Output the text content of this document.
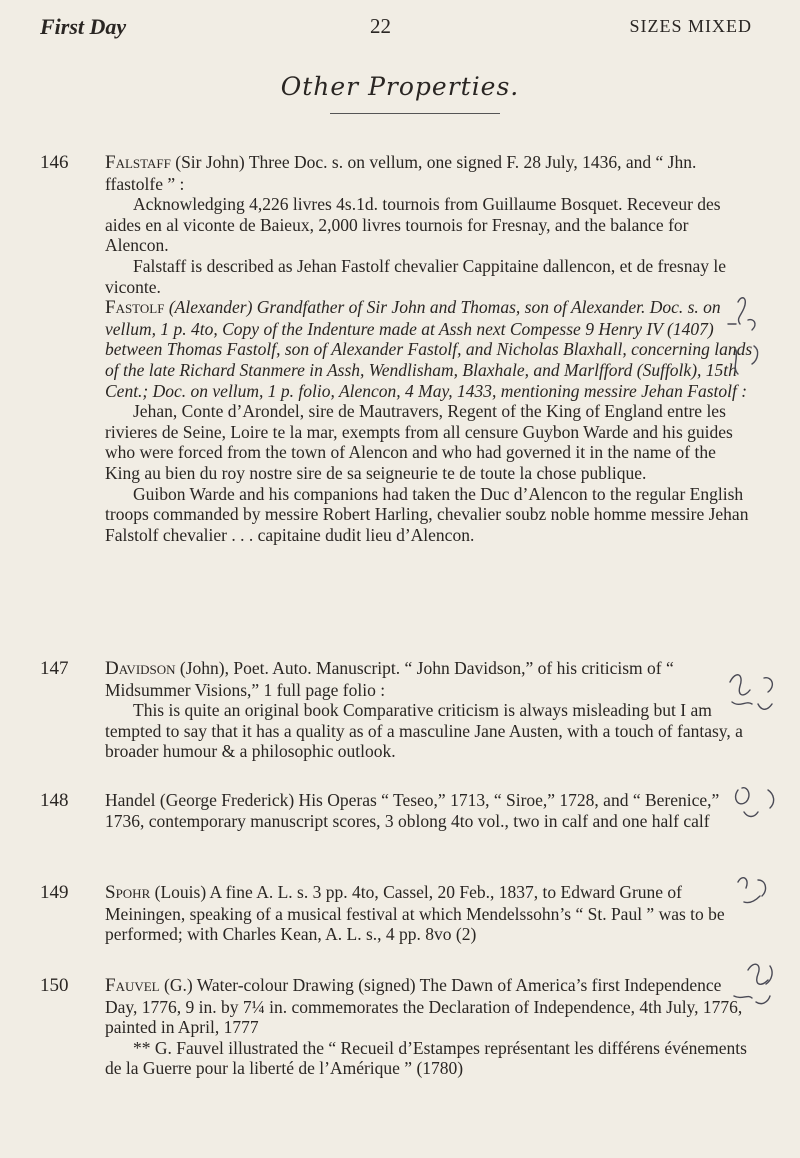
First Day	22	SIZES MIXED
Other Properties.
146 Falstaff (Sir John) Three Doc. s. on vellum, one signed F. 28 July, 1436, and “ Jhn. ffastolfe ” :

Acknowledging 4,226 livres 4s.1d. tournois from Guillaume Bosquet. Receveur des aides en al viconte de Baieux, 2,000 livres tournois for Fresnay, and the balance for Alencon.

Falstaff is described as Jehan Fastolf chevalier Cappitaine dallencon, et de fresnay le viconte.

Fastolf (Alexander) Grandfather of Sir John and Thomas, son of Alexander. Doc. s. on vellum, 1 p. 4to, Copy of the Indenture made at Assh next Compesse 9 Henry IV (1407) between Thomas Fastolf, son of Alexander Fastolf, and Nicholas Blaxhall, concerning lands of the late Richard Stanmere in Assh, Wendlisham, Blaxhale, and Marlfford (Suffolk), 15th Cent.; Doc. on vellum, 1 p. folio, Alencon, 4 May, 1433, mentioning messire Jehan Fastolf :

Jehan, Conte d’Arondel, sire de Mautravers, Regent of the King of England entre les rivieres de Seine, Loire te la mar, exempts from all censure Guybon Warde and his guides who were forced from the town of Alencon and who had governed it in the name of the King au bien du roy nostre sire de sa seigneurie te de toute la chose publique.

Guibon Warde and his companions had taken the Duc d’Alencon to the regular English troops commanded by messire Robert Harling, chevalier soubz noble homme messire Jehan Falstolf chevalier . . . capitaine dudit lieu d’Alencon.

147 Davidson (John), Poet. Auto. Manuscript. “ John Davidson,” of his criticism of “ Midsummer Visions,” 1 full page folio :

This is quite an original book Comparative criticism is always misleading but I am tempted to say that it has a quality as of a masculine Jane Austen, with a touch of fantasy, a broader humour & a philosophic outlook.

148 Handel (George Frederick) His Operas “ Teseo,” 1713, “ Siroe,” 1728, and “ Berenice,” 1736, contemporary manuscript scores, 3 oblong 4to vol., two in calf and one half calf

149 Spohr (Louis) A fine A. L. s. 3 pp. 4to, Cassel, 20 Feb., 1837, to Edward Grune of Meiningen, speaking of a musical festival at which Mendelssohn’s “ St. Paul ” was to be performed; with Charles Kean, A. L. s., 4 pp. 8vo (2)

150 Fauvel (G.) Water-colour Drawing (signed) The Dawn of America’s first Independence Day, 1776, 9 in. by 7¼ in. commemorates the Declaration of Independence, 4th July, 1776, painted in April, 1777

** G. Fauvel illustrated the “ Recueil d’Estampes représentant les différens événements de la Guerre pour la liberté de l’Amérique ” (1780)
